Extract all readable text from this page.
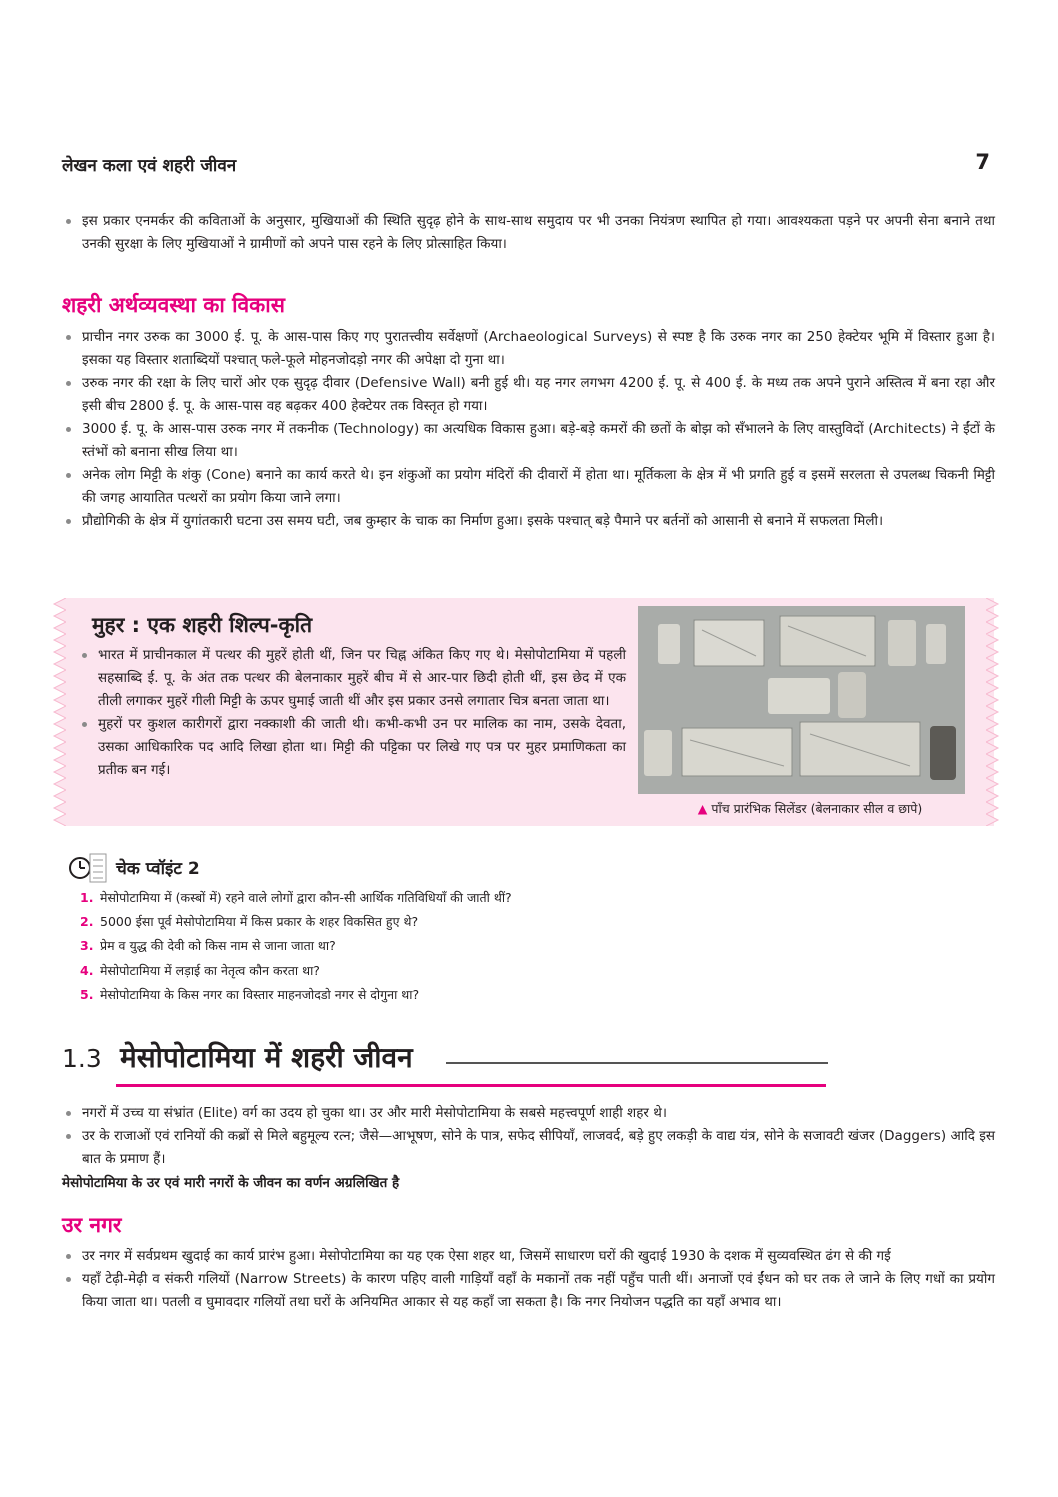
लेखन कला एवं शहरी जीवन	7
इस प्रकार एनमर्कर की कविताओं के अनुसार, मुखियाओं की स्थिति सुदृढ़ होने के साथ-साथ समुदाय पर भी उनका नियंत्रण स्थापित हो गया। आवश्यकता पड़ने पर अपनी सेना बनाने तथा उनकी सुरक्षा के लिए मुखियाओं ने ग्रामीणों को अपने पास रहने के लिए प्रोत्साहित किया।
शहरी अर्थव्यवस्था का विकास
प्राचीन नगर उरुक का 3000 ई. पू. के आस-पास किए गए पुरातत्त्वीय सर्वेक्षणों (Archaeological Surveys) से स्पष्ट है कि उरुक नगर का 250 हेक्टेयर भूमि में विस्तार हुआ है। इसका यह विस्तार शताब्दियों पश्चात् फले-फूले मोहनजोदड़ो नगर की अपेक्षा दो गुना था।
उरुक नगर की रक्षा के लिए चारों ओर एक सुदृढ़ दीवार (Defensive Wall) बनी हुई थी। यह नगर लगभग 4200 ई. पू. से 400 ई. के मध्य तक अपने पुराने अस्तित्व में बना रहा और इसी बीच 2800 ई. पू. के आस-पास वह बढ़कर 400 हेक्टेयर तक विस्तृत हो गया।
3000 ई. पू. के आस-पास उरुक नगर में तकनीक (Technology) का अत्यधिक विकास हुआ। बड़े-बड़े कमरों की छतों के बोझ को सँभालने के लिए वास्तुविदों (Architects) ने ईंटों के स्तंभों को बनाना सीख लिया था।
अनेक लोग मिट्टी के शंकु (Cone) बनाने का कार्य करते थे। इन शंकुओं का प्रयोग मंदिरों की दीवारों में होता था। मूर्तिकला के क्षेत्र में भी प्रगति हुई व इसमें सरलता से उपलब्ध चिकनी मिट्टी की जगह आयातित पत्थरों का प्रयोग किया जाने लगा।
प्रौद्योगिकी के क्षेत्र में युगांतकारी घटना उस समय घटी, जब कुम्हार के चाक का निर्माण हुआ। इसके पश्चात् बड़े पैमाने पर बर्तनों को आसानी से बनाने में सफलता मिली।
मुहर : एक शहरी शिल्प-कृति
भारत में प्राचीनकाल में पत्थर की मुहरें होती थीं, जिन पर चिह्न अंकित किए गए थे। मेसोपोटामिया में पहली सहस्राब्दि ई. पू. के अंत तक पत्थर की बेलनाकार मुहरें बीच में से आर-पार छिदी होती थीं, इस छेद में एक तीली लगाकर मुहरें गीली मिट्टी के ऊपर घुमाई जाती थीं और इस प्रकार उनसे लगातार चित्र बनता जाता था।
मुहरों पर कुशल कारीगरों द्वारा नक्काशी की जाती थी। कभी-कभी उन पर मालिक का नाम, उसके देवता, उसका आधिकारिक पद आदि लिखा होता था। मिट्टी की पट्टिका पर लिखे गए पत्र पर मुहर प्रमाणिकता का प्रतीक बन गई।
▲ पाँच प्रारंभिक सिलेंडर (बेलनाकार सील व छापे)
चेक प्वॉइंट 2
1. मेसोपोटामिया में (कस्बों में) रहने वाले लोगों द्वारा कौन-सी आर्थिक गतिविधियाँ की जाती थीं?
2. 5000 ईसा पूर्व मेसोपोटामिया में किस प्रकार के शहर विकसित हुए थे?
3. प्रेम व युद्ध की देवी को किस नाम से जाना जाता था?
4. मेसोपोटामिया में लड़ाई का नेतृत्व कौन करता था?
5. मेसोपोटामिया के किस नगर का विस्तार माहनजोदडो नगर से दोगुना था?
1.3 मेसोपोटामिया में शहरी जीवन
नगरों में उच्च या संभ्रांत (Elite) वर्ग का उदय हो चुका था। उर और मारी मेसोपोटामिया के सबसे महत्त्वपूर्ण शाही शहर थे।
उर के राजाओं एवं रानियों की कब्रों से मिले बहुमूल्य रत्न; जैसे—आभूषण, सोने के पात्र, सफेद सीपियाँ, लाजवर्द, बड़े हुए लकड़ी के वाद्य यंत्र, सोने के सजावटी खंजर (Daggers) आदि इस बात के प्रमाण हैं।
मेसोपोटामिया के उर एवं मारी नगरों के जीवन का वर्णन अग्रलिखित है
उर नगर
उर नगर में सर्वप्रथम खुदाई का कार्य प्रारंभ हुआ। मेसोपोटामिया का यह एक ऐसा शहर था, जिसमें साधारण घरों की खुदाई 1930 के दशक में सुव्यवस्थित ढंग से की गई
यहाँ टेढ़ी-मेढ़ी व संकरी गलियों (Narrow Streets) के कारण पहिए वाली गाड़ियाँ वहाँ के मकानों तक नहीं पहुँच पाती थीं। अनाजों एवं ईंधन को घर तक ले जाने के लिए गधों का प्रयोग किया जाता था। पतली व घुमावदार गलियों तथा घरों के अनियमित आकार से यह कहाँ जा सकता है। कि नगर नियोजन पद्धति का यहाँ अभाव था।
